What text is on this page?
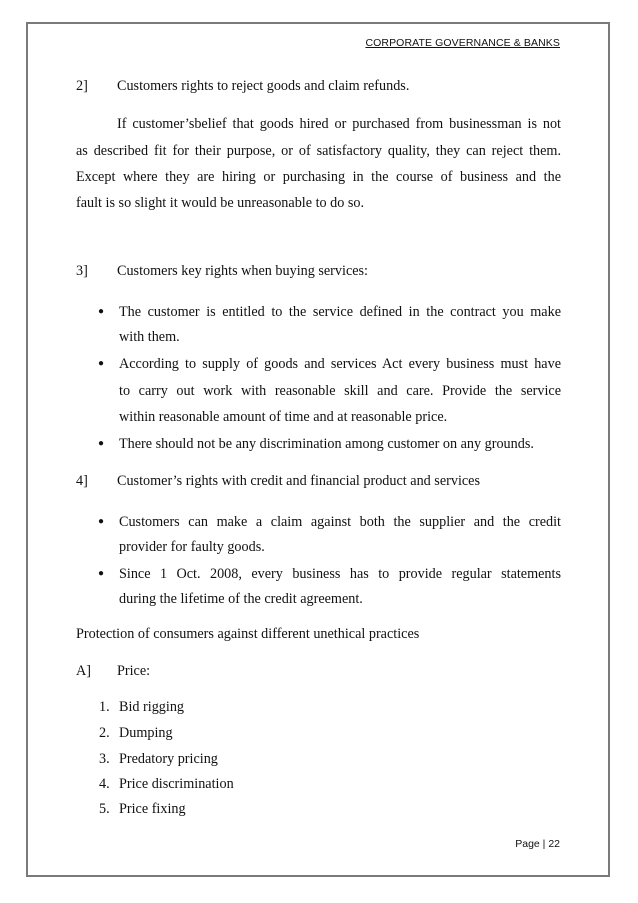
CORPORATE GOVERNANCE & BANKS
2] Customers rights to reject goods and claim refunds.
If customer’sbelief that goods hired or purchased from businessman is not
as described fit for their purpose, or of satisfactory quality, they can reject them.
Except where they are hiring or purchasing in the course of business and the
fault is so slight it would be unreasonable to do so.
3] Customers key rights when buying services:
● The customer is entitled to the service defined in the contract you make
with them.
● According to supply of goods and services Act every business must have
to carry out work with reasonable skill and care. Provide the service
within reasonable amount of time and at reasonable price.
● There should not be any discrimination among customer on any grounds.
4] Customer’s rights with credit and financial product and services
● Customers can make a claim against both the supplier and the credit
provider for faulty goods.
● Since 1 Oct. 2008, every business has to provide regular statements
during the lifetime of the credit agreement.
Protection of consumers against different unethical practices
A] Price:
1. Bid rigging
2. Dumping
3. Predatory pricing
4. Price discrimination
5. Price fixing
Page | 22
